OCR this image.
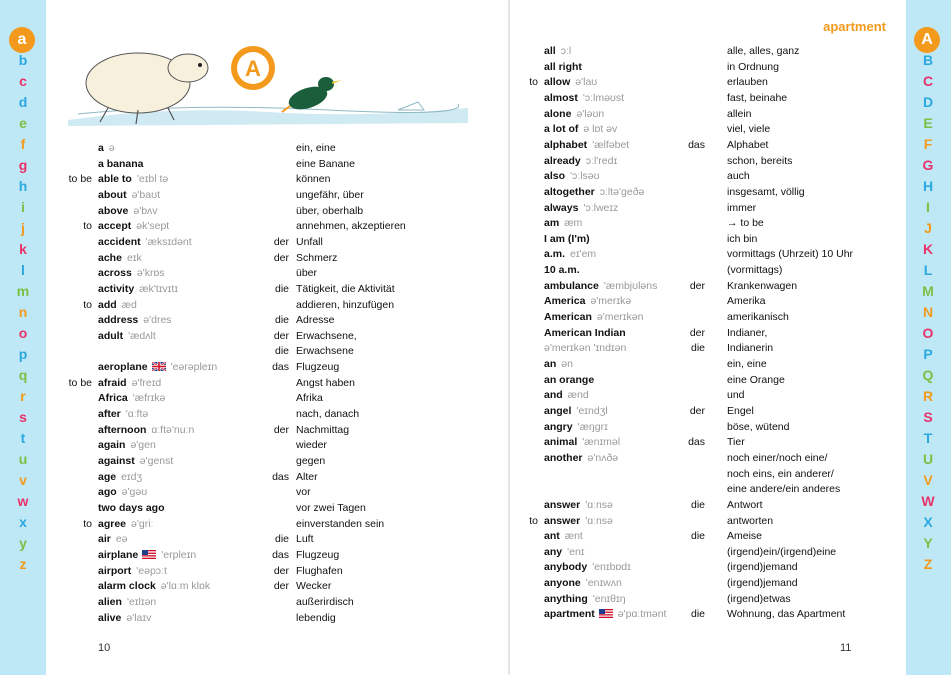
a
b
c
d
e
f
g
h
i
j
k
l
m
n
o
p
q
r
s
t
u
v
w
x
y
z
A
B
C
D
E
F
G
H
I
J
K
L
M
N
O
P
Q
R
S
T
U
V
W
X
Y
Z
A
a ə	ein, eine
a banana	eine Banane
to be able to 'eɪbl tə	können
about ə'baʊt	ungefähr, über
above ə'bʌv	über, oberhalb
to accept ək'sept	annehmen, akzeptieren
accident 'æksɪdənt	der Unfall
ache eɪk	der Schmerz
across ə'krɒs	über
activity æk'tɪvɪtɪ	die Tätigkeit, die Aktivität
to add æd	addieren, hinzufügen
address ə'dres	die Adresse
adult 'ædʌlt	der Erwachsene,
die Erwachsene
aeroplane 'eərəpleɪn	das Flugzeug
to be afraid ə'freɪd	Angst haben
Africa 'æfrɪkə	Afrika
after 'ɑːftə	nach, danach
afternoon ɑːftə'nuːn	der Nachmittag
again ə'gen	wieder
against ə'genst	gegen
age eɪdʒ	das Alter
ago ə'gəʊ	vor
two days ago	vor zwei Tagen
to agree ə'griː	einverstanden sein
air eə	die Luft
airplane 'erpleɪn	das Flugzeug
airport 'eəpɔːt	der Flughafen
alarm clock ə'lɑːm klɒk	der Wecker
alien 'eɪlɪən	außerirdisch
alive ə'laɪv	lebendig
10
apartment
all ɔːl	alle, alles, ganz
all right	in Ordnung
to allow ə'laʊ	erlauben
almost 'ɔːlməʊst	fast, beinahe
alone ə'ləʊn	allein
a lot of ə lɒt əv	viel, viele
alphabet 'ælfəbet	das Alphabet
already ɔːl'redɪ	schon, bereits
also 'ɔːlsəʊ	auch
altogether ɔːltə'geðə	insgesamt, völlig
always 'ɔːlweɪz	immer
am æm	→ to be
I am (I'm)	ich bin
a.m. eɪ'em	vormittags (Uhrzeit) 10 Uhr
10 a.m.	(vormittags)
ambulance 'æmbjʊləns	der Krankenwagen
America ə'merɪkə	Amerika
American ə'merɪkən	amerikanisch
American Indian	der Indianer,
ə'merɪkən 'ɪndɪən	die Indianerin
an ən	ein, eine
an orange	eine Orange
and ænd	und
angel 'eɪndʒl	der Engel
angry 'æŋgrɪ	böse, wütend
animal 'ænɪməl	das Tier
another ə'nʌðə	noch einer/noch eine/
noch eins, ein anderer/
eine andere/ein anderes
answer 'ɑːnsə	die Antwort
to answer 'ɑːnsə	antworten
ant ænt	die Ameise
any 'enɪ	(irgend)ein/(irgend)eine
anybody 'enɪbɒdɪ	(irgend)jemand
anyone 'enɪwʌn	(irgend)jemand
anything 'enɪθɪŋ	(irgend)etwas
apartment ə'pɑːtmənt	die Wohnung, das Apartment
11
